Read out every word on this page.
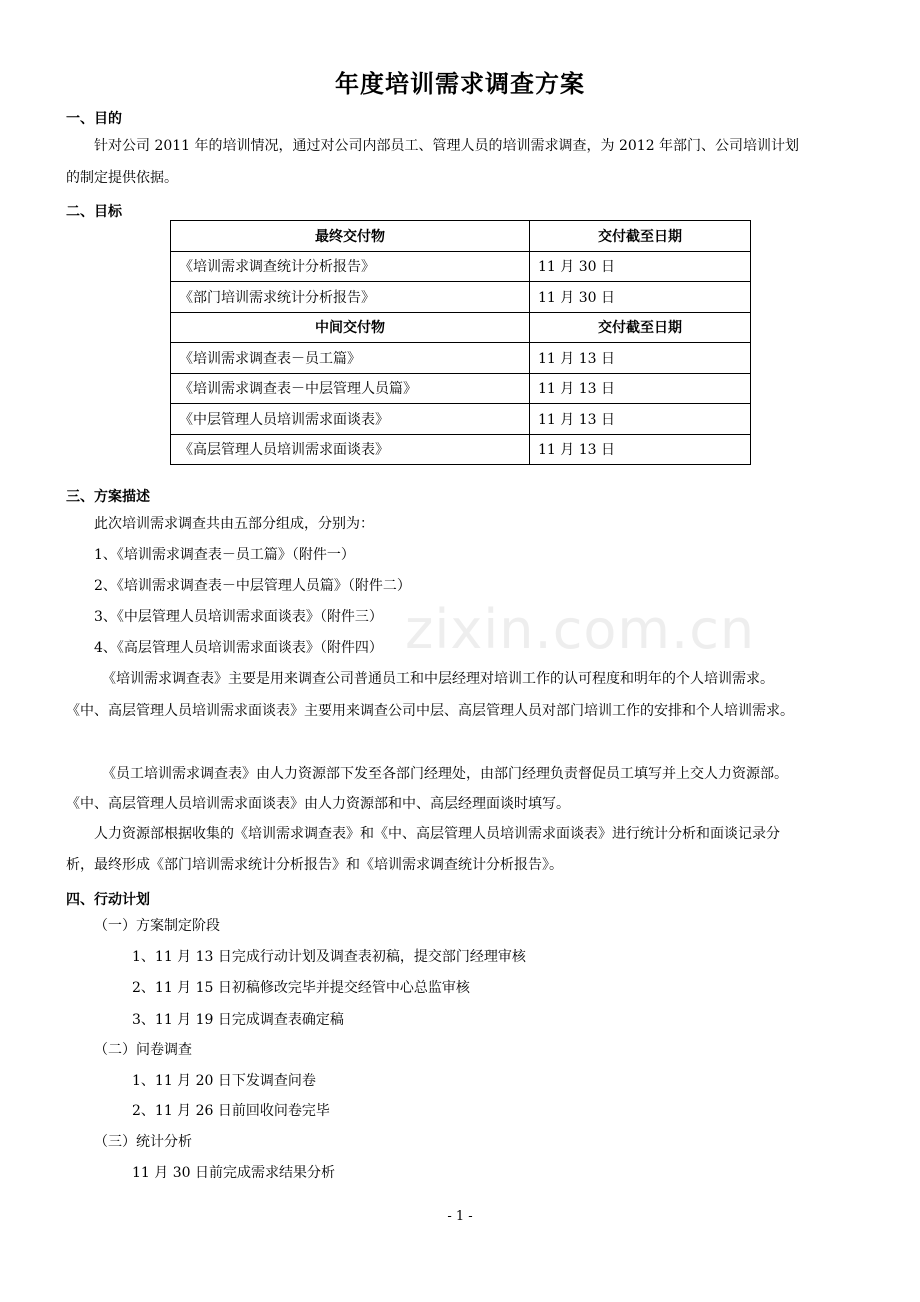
年度培训需求调查方案
一、目的
针对公司 2011 年的培训情况，通过对公司内部员工、管理人员的培训需求调查，为 2012 年部门、公司培训计划
的制定提供依据。
二、目标
最终交付物	交付截至日期
《培训需求调查统计分析报告》	11 月 30 日
《部门培训需求统计分析报告》	11 月 30 日
中间交付物	交付截至日期
《培训需求调查表－员工篇》	11 月 13 日
《培训需求调查表－中层管理人员篇》	11 月 13 日
《中层管理人员培训需求面谈表》	11 月 13 日
《高层管理人员培训需求面谈表》	11 月 13 日
三、方案描述
此次培训需求调查共由五部分组成，分别为：
1、《培训需求调查表－员工篇》（附件一）
2、《培训需求调查表－中层管理人员篇》（附件二）
3、《中层管理人员培训需求面谈表》（附件三）
4、《高层管理人员培训需求面谈表》（附件四）
《培训需求调查表》主要是用来调查公司普通员工和中层经理对培训工作的认可程度和明年的个人培训需求。
《中、高层管理人员培训需求面谈表》主要用来调查公司中层、高层管理人员对部门培训工作的安排和个人培训需求。
《员工培训需求调查表》由人力资源部下发至各部门经理处，由部门经理负责督促员工填写并上交人力资源部。
《中、高层管理人员培训需求面谈表》由人力资源部和中、高层经理面谈时填写。
人力资源部根据收集的《培训需求调查表》和《中、高层管理人员培训需求面谈表》进行统计分析和面谈记录分
析，最终形成《部门培训需求统计分析报告》和《培训需求调查统计分析报告》。
四、行动计划
（一）方案制定阶段
1、11 月 13 日完成行动计划及调查表初稿，提交部门经理审核
2、11 月 15 日初稿修改完毕并提交经管中心总监审核
3、11 月 19 日完成调查表确定稿
（二）问卷调查
1、11 月 20 日下发调查问卷
2、11 月 26 日前回收问卷完毕
（三）统计分析
11 月 30 日前完成需求结果分析
zixin.com.cn
- 1 -
